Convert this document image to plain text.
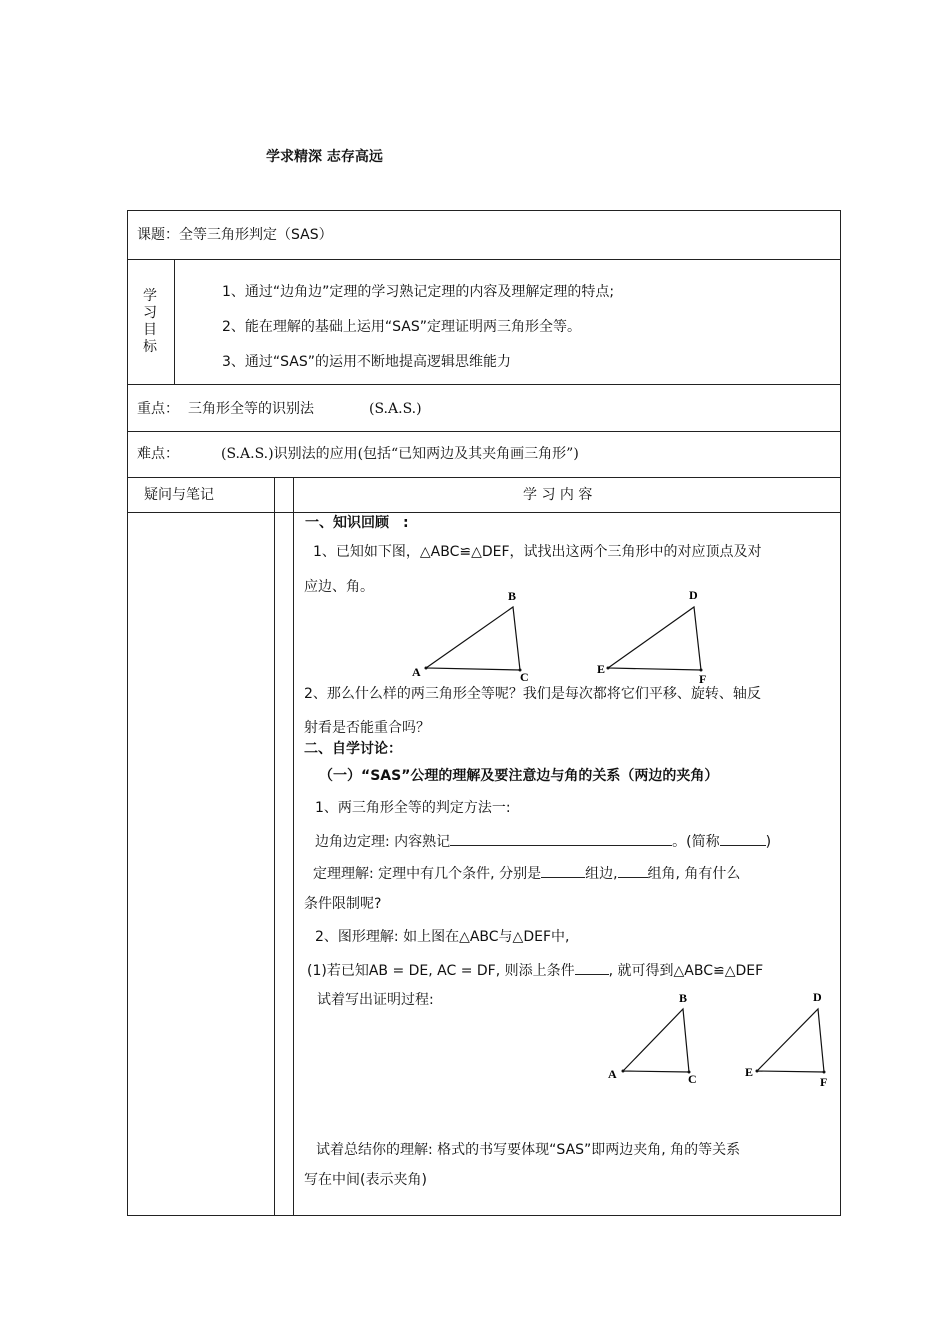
学求精深 志存高远
课题：全等三角形判定（SAS）
学
习
目
标
1、通过“边角边”定理的学习熟记定理的内容及理解定理的特点;
2、能在理解的基础上运用“SAS”定理证明两三角形全等。
3、通过“SAS”的运用不断地提高逻辑思维能力
重点： 三角形全等的识别法	(S.A.S.)
难点：	(S.A.S.)识别法的应用(包括“已知两边及其夹角画三角形”)
疑问与笔记	学 习 内 容
一、知识回顾 :
1、已知如下图，△ABC≌△DEF，试找出这两个三角形中的对应顶点及对
应边、角。
A
B
C
E
D
F
A
B
C	E
D
F
2、那么什么样的两三角形全等呢？我们是每次都将它们平移、旋转、轴反
射看是否能重合吗？
二、自学讨论：
（一）“SAS”公理的理解及要注意边与角的关系（两边的夹角）
1、两三角形全等的判定方法一:
边角边定理: 内容熟记	。(简称	)
定理理解: 定理中有几个条件, 分别是	组边, 组角, 角有什么
条件限制呢?
2、图形理解: 如上图在△ABC与△DEF中,
(1)若已知AB = DE, AC = DF, 则添上条件 , 就可得到△ABC≌△DEF
试着写出证明过程:
试着总结你的理解: 格式的书写要体现“SAS”即两边夹角, 角的等关系
写在中间(表示夹角)
